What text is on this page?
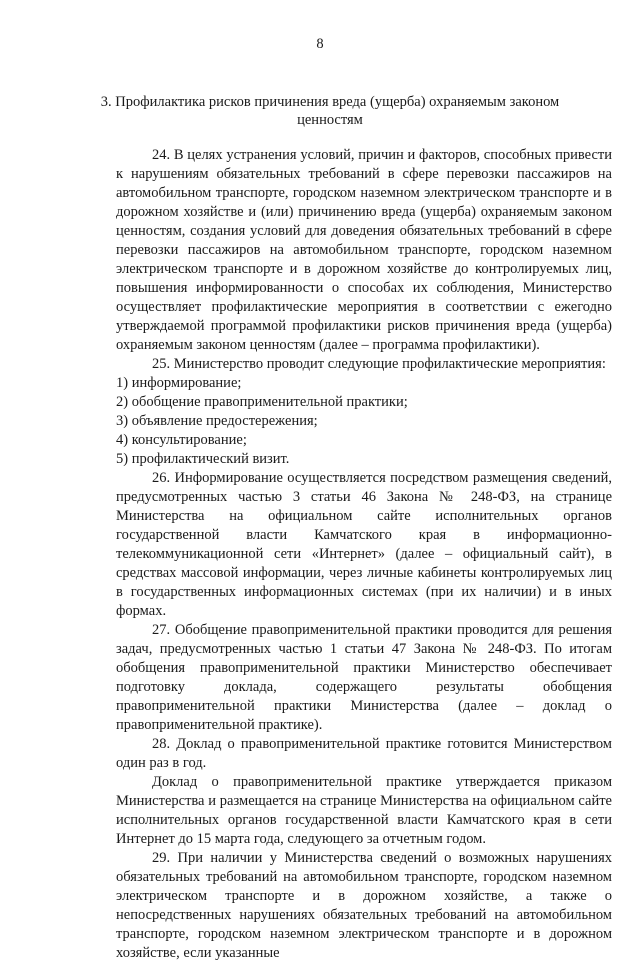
8
3. Профилактика рисков причинения вреда (ущерба) охраняемым законом ценностям

24. В целях устранения условий, причин и факторов, способных привести к нарушениям обязательных требований в сфере перевозки пассажиров на автомобильном транспорте, городском наземном электрическом транспорте и в дорожном хозяйстве и (или) причинению вреда (ущерба) охраняемым законом ценностям, создания условий для доведения обязательных требований в сфере перевозки пассажиров на автомобильном транспорте, городском наземном электрическом транспорте и в дорожном хозяйстве до контролируемых лиц, повышения информированности о способах их соблюдения, Министерство осуществляет профилактические мероприятия в соответствии с ежегодно утверждаемой программой профилактики рисков причинения вреда (ущерба) охраняемым законом ценностям (далее – программа профилактики).

25. Министерство проводит следующие профилактические мероприятия:

1) информирование;

2) обобщение правоприменительной практики;

3) объявление предостережения;

4) консультирование;

5) профилактический визит.

26. Информирование осуществляется посредством размещения сведений, предусмотренных частью 3 статьи 46 Закона № 248-ФЗ, на странице Министерства на официальном сайте исполнительных органов государственной власти Камчатского края в информационно-телекоммуникационной сети «Интернет» (далее – официальный сайт), в средствах массовой информации, через личные кабинеты контролируемых лиц в государственных информационных системах (при их наличии) и в иных формах.

27. Обобщение правоприменительной практики проводится для решения задач, предусмотренных частью 1 статьи 47 Закона № 248-ФЗ. По итогам обобщения правоприменительной практики Министерство обеспечивает подготовку доклада, содержащего результаты обобщения правоприменительной практики Министерства (далее – доклад о правоприменительной практике).

28. Доклад о правоприменительной практике готовится Министерством один раз в год.

Доклад о правоприменительной практике утверждается приказом Министерства и размещается на странице Министерства на официальном сайте исполнительных органов государственной власти Камчатского края в сети Интернет до 15 марта года, следующего за отчетным годом.

29. При наличии у Министерства сведений о возможных нарушениях обязательных требований на автомобильном транспорте, городском наземном электрическом транспорте и в дорожном хозяйстве, а также о непосредственных нарушениях обязательных требований на автомобильном транспорте, городском наземном электрическом транспорте и в дорожном хозяйстве, если указанные
